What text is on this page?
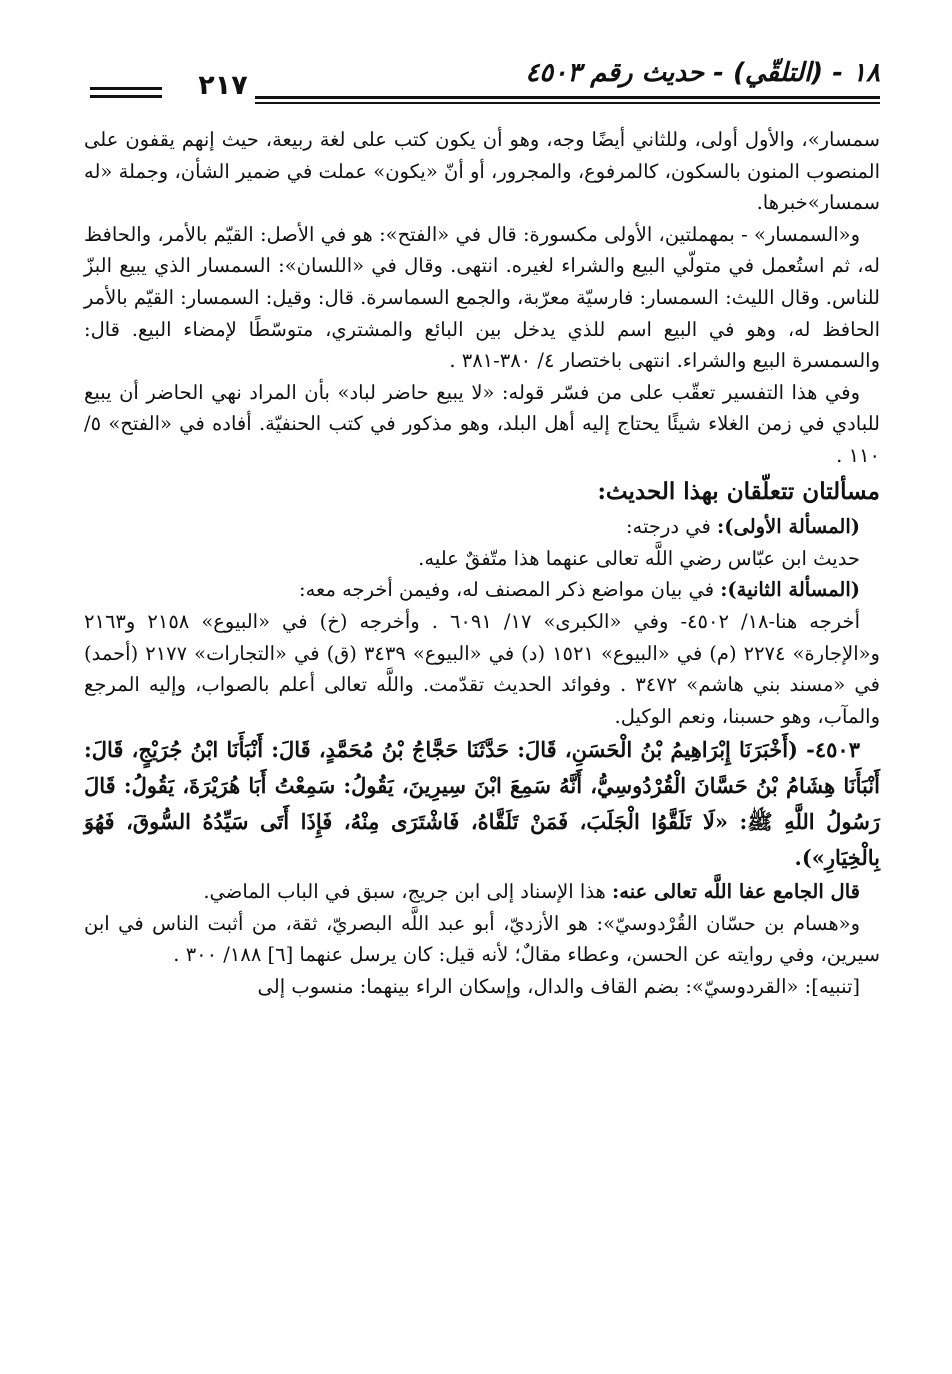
٢١٧	١٨ - (التلقّي) - حديث رقم ٤٥٠٣

سمسار»، والأول أولى، وللثاني أيضًا وجه، وهو أن يكون كتب على لغة ربيعة، حيث إنهم يقفون على المنصوب المنون بالسكون، كالمرفوع، والمجرور، أو أنّ «يكون» عملت في ضمير الشأن، وجملة «له سمسار»خبرها.

و«السمسار» - بمهملتين، الأولى مكسورة: قال في «الفتح»: هو في الأصل: القيّم بالأمر، والحافظ له، ثم استُعمل في متولّي البيع والشراء لغيره. انتهى. وقال في «اللسان»: السمسار الذي يبيع البزّ للناس. وقال الليث: السمسار: فارسيّة معرّبة، والجمع السماسرة. قال: وقيل: السمسار: القيّم بالأمر الحافظ له، وهو في البيع اسم للذي يدخل بين البائع والمشتري، متوسّطًا لإمضاء البيع. قال: والسمسرة البيع والشراء. انتهى باختصار ٤/ ٣٨٠-٣٨١ .

وفي هذا التفسير تعقّب على من فسّر قوله: «لا يبيع حاضر لباد» بأن المراد نهي الحاضر أن يبيع للبادي في زمن الغلاء شيئًا يحتاج إليه أهل البلد، وهو مذكور في كتب الحنفيّة. أفاده في «الفتح» ٥/ ١١٠ .

مسألتان تتعلّقان بهذا الحديث:

(المسألة الأولى): في درجته:

حديث ابن عبّاس رضي اللَّه تعالى عنهما هذا متّفقٌ عليه.

(المسألة الثانية): في بيان مواضع ذكر المصنف له، وفيمن أخرجه معه:

أخرجه هنا-١٨/ ٤٥٠٢- وفي «الكبرى» ١٧/ ٦٠٩١ . وأخرجه (خ) في «البيوع» ٢١٥٨ و٢١٦٣ و«الإجارة» ٢٢٧٤ (م) في «البيوع» ١٥٢١ (د) في «البيوع» ٣٤٣٩ (ق) في «التجارات» ٢١٧٧ (أحمد) في «مسند بني هاشم» ٣٤٧٢ . وفوائد الحديث تقدّمت. واللَّه تعالى أعلم بالصواب، وإليه المرجع والمآب، وهو حسبنا، ونعم الوكيل.

٤٥٠٣- (أَخْبَرَنَا إِبْرَاهِيمُ بْنُ الْحَسَنِ، قَالَ: حَدَّثَنَا حَجَّاجُ بْنُ مُحَمَّدٍ، قَالَ: أَنْبَأَنَا ابْنُ جُرَيْجٍ، قَالَ: أَنْبَأَنَا هِشَامُ بْنُ حَسَّانَ الْقُرْدُوسِيُّ، أَنَّهُ سَمِعَ ابْنَ سِيرِينَ، يَقُولُ: سَمِعْتُ أَبَا هُرَيْرَةَ، يَقُولُ: قَالَ رَسُولُ اللَّهِ ﷺ: «لَا تَلَقَّوُا الْجَلَبَ، فَمَنْ تَلَقَّاهُ، فَاشْتَرَى مِنْهُ، فَإِذَا أَتَى سَيِّدُهُ السُّوقَ، فَهُوَ بِالْخِيَارِ»).

قال الجامع عفا اللَّه تعالى عنه: هذا الإسناد إلى ابن جريج، سبق في الباب الماضي.

و«هسام بن حسّان القُرْدوسيّ»: هو الأزديّ، أبو عبد اللَّه البصريّ، ثقة، من أثبت الناس في ابن سيرين، وفي روايته عن الحسن، وعطاء مقالٌ؛ لأنه قيل: كان يرسل عنهما [٦] ١٨٨/ ٣٠٠ .

[تنبيه]: «القردوسيّ»: بضم القاف والدال، وإسكان الراء بينهما: منسوب إلى
